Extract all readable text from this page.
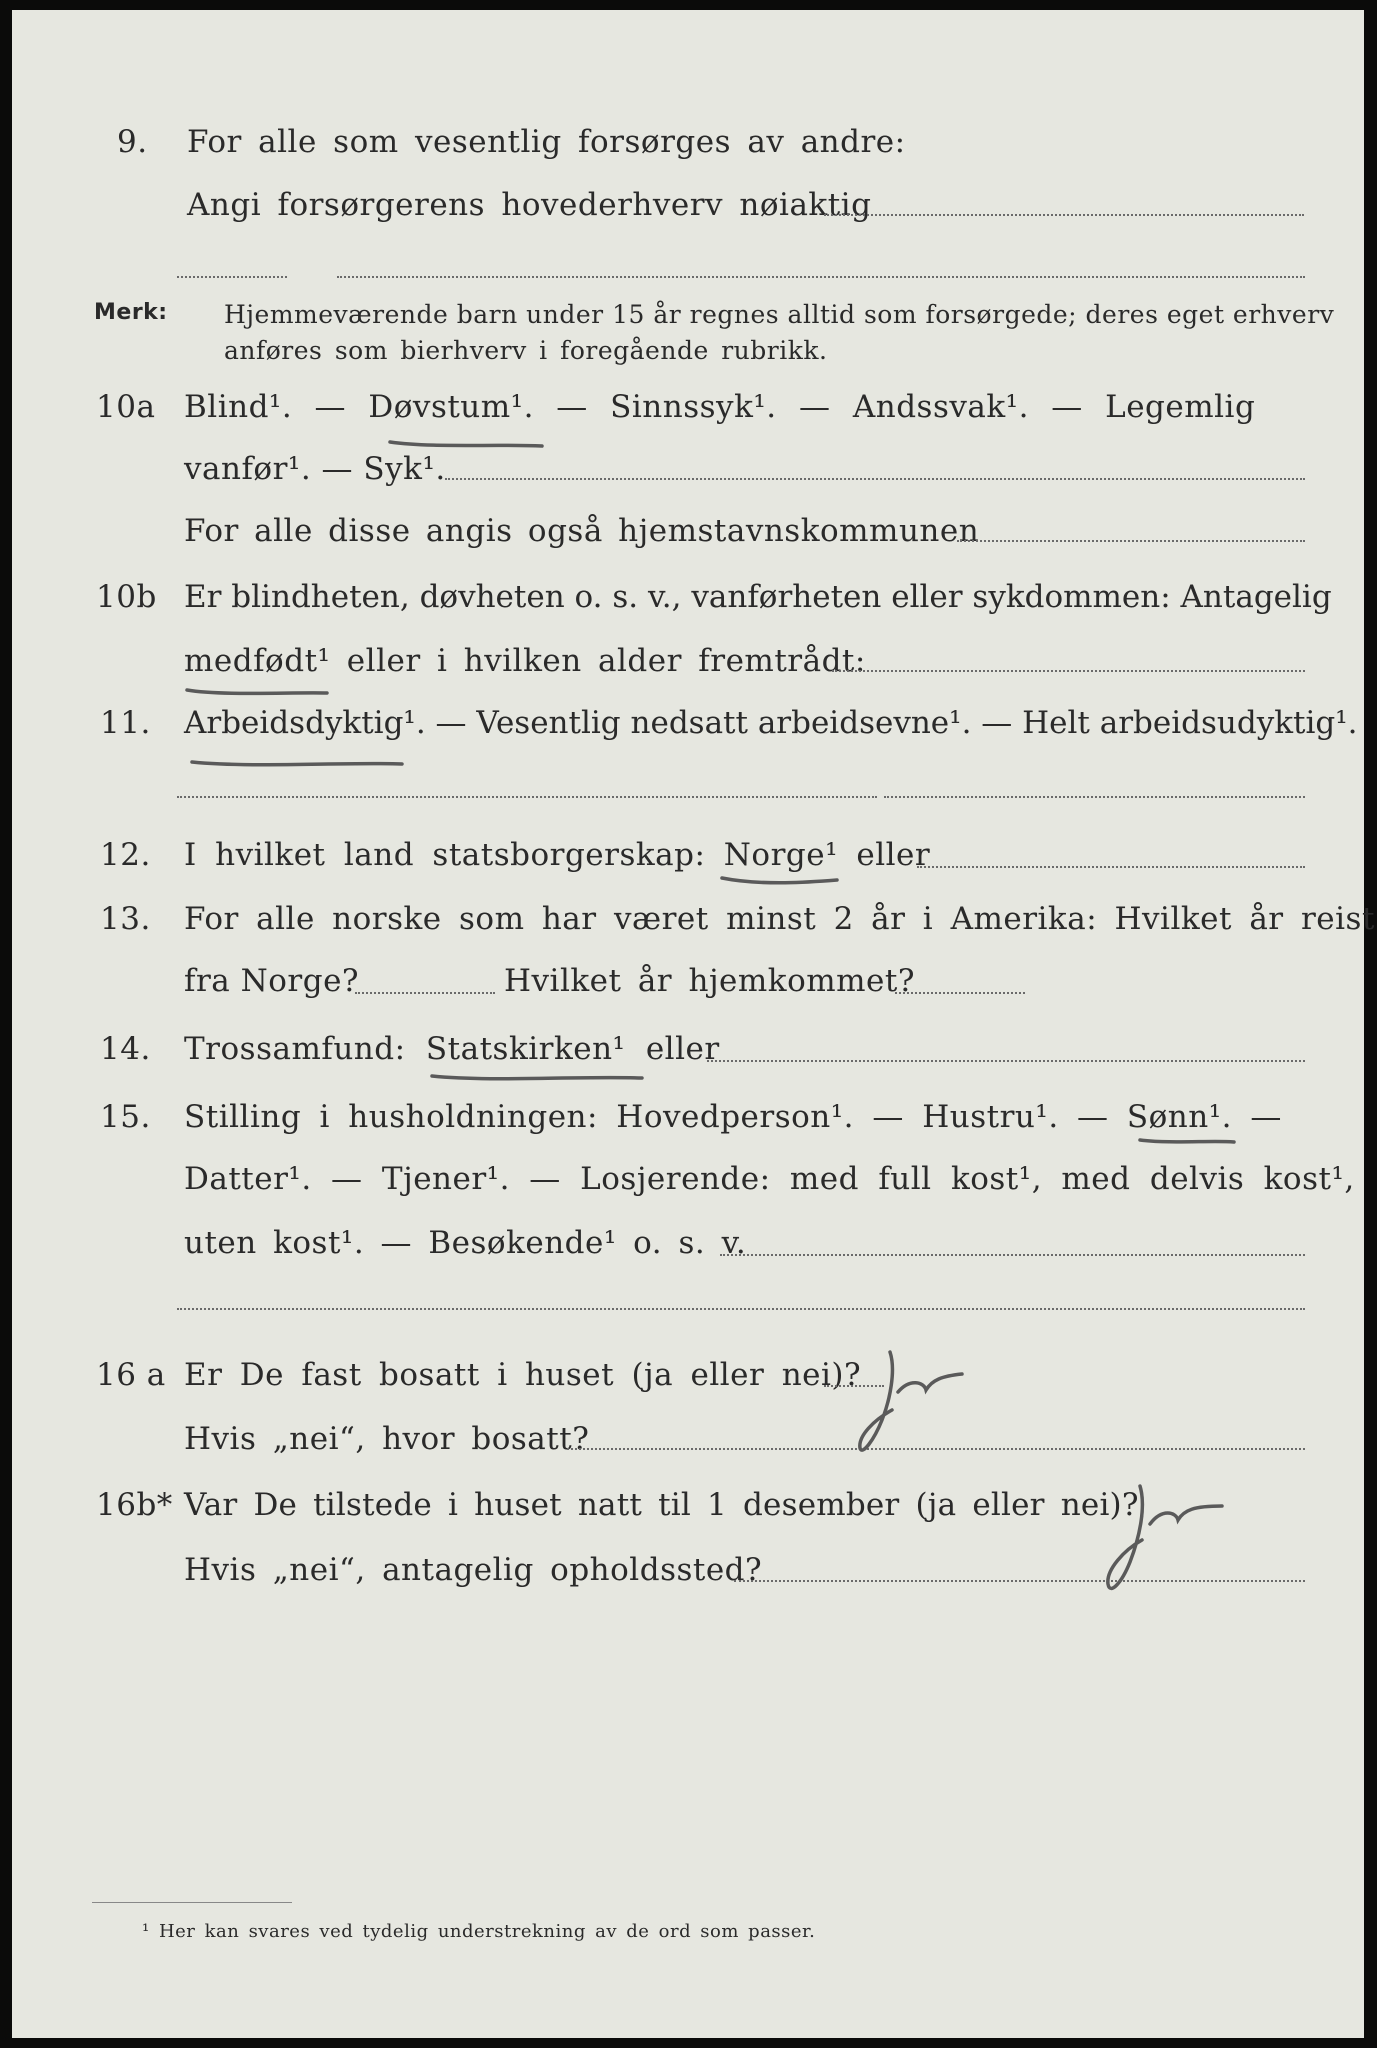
9. For alle som vesentlig forsørges av andre:
Angi forsørgerens hovederhverv nøiaktig
Merk: Hjemmeværende barn under 15 år regnes alltid som forsørgede; deres eget erhverv
anføres som bierhverv i foregående rubrikk.
10a Blind¹. — Døvstum¹. — Sinnssyk¹. — Andssvak¹. — Legemlig
vanfør¹. — Syk¹.
For alle disse angis også hjemstavnskommunen
10b Er blindheten, døvheten o. s. v., vanførheten eller sykdommen: Antagelig
medfødt¹ eller i hvilken alder fremtrådt:
11. Arbeidsdyktig¹. — Vesentlig nedsatt arbeidsevne¹. — Helt arbeidsudyktig¹.
12. I hvilket land statsborgerskap: Norge¹ eller
13. For alle norske som har været minst 2 år i Amerika: Hvilket år reist
fra Norge?	Hvilket år hjemkommet?
14. Trossamfund: Statskirken¹ eller
15. Stilling i husholdningen: Hovedperson¹. — Hustru¹. — Sønn¹. —
Datter¹. — Tjener¹. — Losjerende: med full kost¹, med delvis kost¹,
uten kost¹. — Besøkende¹ o. s. v.
16 a Er De fast bosatt i huset (ja eller nei)?
Hvis „nei“, hvor bosatt?
16b* Var De tilstede i huset natt til 1 desember (ja eller nei)?
Hvis „nei“, antagelig opholdssted?
¹ Her kan svares ved tydelig understrekning av de ord som passer.
